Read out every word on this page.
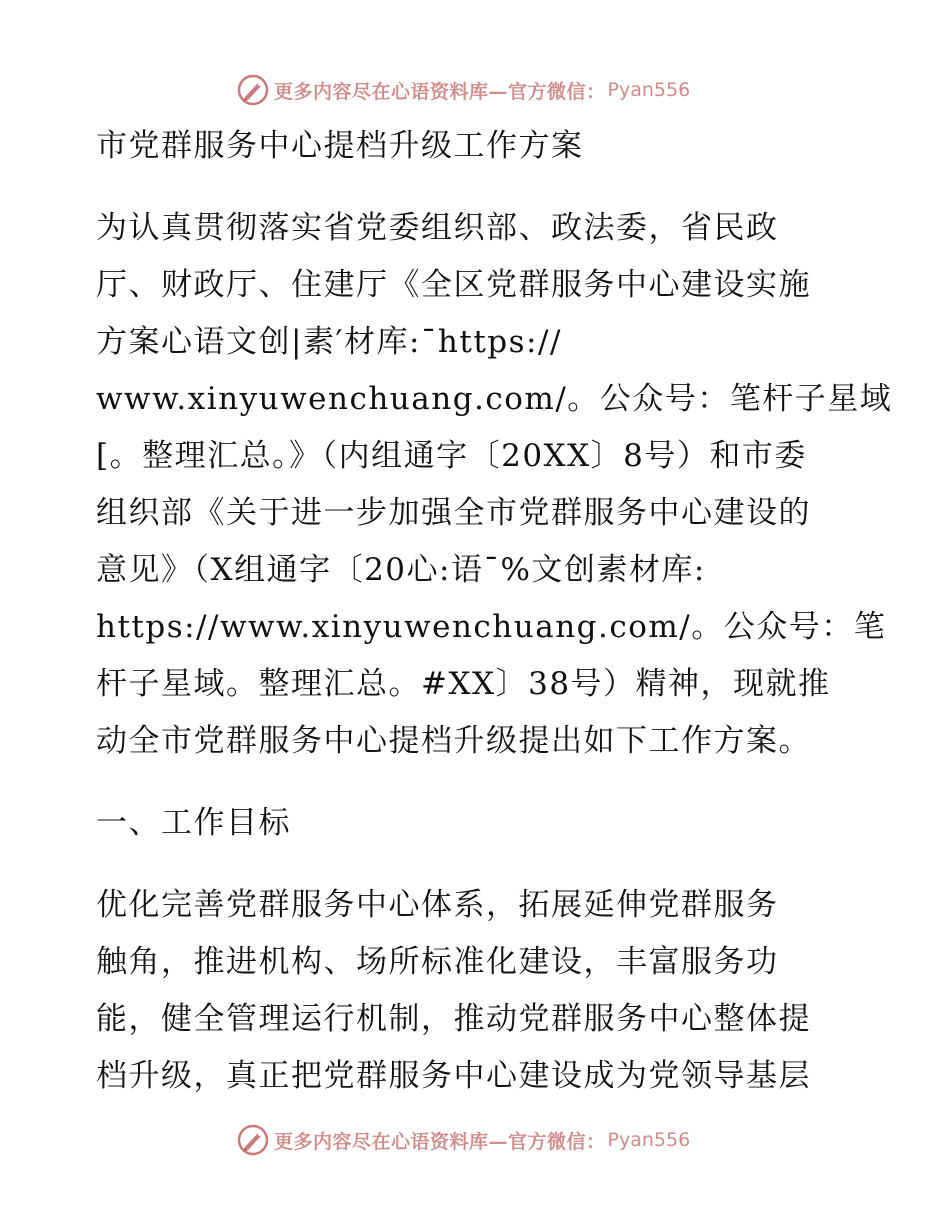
更多内容尽在心语资料库—官方微信： Pyan556
市党群服务中心提档升级工作方案
为认真贯彻落实省党委组织部、政法委，省民政
厅、财政厅、住建厅《全区党群服务中心建设实施
方案心语文创|素′材库:¯https://
www.xinyuwenchuang.com/。公众号：笔杆子星域
[。整理汇总。》（内组通字〔20XX〕8号）和市委
组织部《关于进一步加强全市党群服务中心建设的
意见》（X组通字〔20心:语¯%文创素材库:
https://www.xinyuwenchuang.com/。公众号：笔
杆子星域。整理汇总。#XX〕38号）精神，现就推
动全市党群服务中心提档升级提出如下工作方案。
一、工作目标
优化完善党群服务中心体系，拓展延伸党群服务
触角，推进机构、场所标准化建设，丰富服务功
能，健全管理运行机制，推动党群服务中心整体提
档升级，真正把党群服务中心建设成为党领导基层
更多内容尽在心语资料库—官方微信： Pyan556
